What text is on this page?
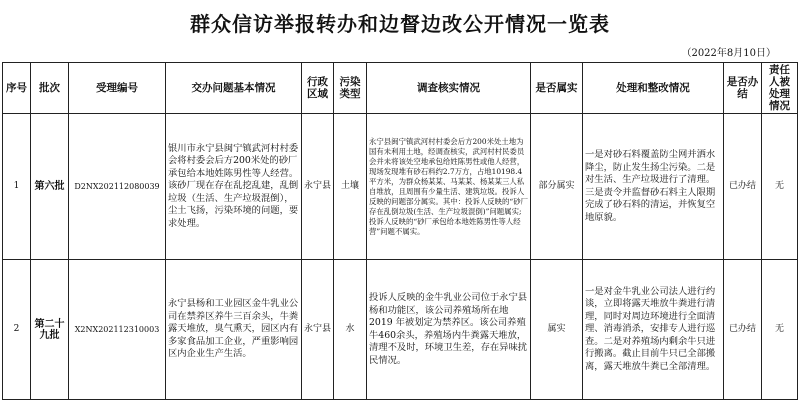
群众信访举报转办和边督边改公开情况一览表
（2022年8月10日）
序号	批次	受理编号	交办问题基本情况	行政区域	污染类型	调查核实情况	是否属实	处理和整改情况	是否办结	责任人被处理情况
1	第六批	D2NX202112080039	银川市永宁县闽宁镇武河村村委会将村委会后方200米处的砂厂承包给本地姓陈男性等人经营。该砂厂现在存在乱挖乱建，乱倒垃圾（生活、生产垃圾混倒），尘土飞扬，污染环境的问题，要求处理。	永宁县	土壤	永宁县闽宁镇武河村村委会后方200米处土地为国有未利用土地，经调查核实，武河村村民委员会并未将该处空地承包给姓陈男性或他人经营，现场发现堆有砂石料约2.7万方，占地10198.4平方米，为群众杨某某、马某某、杨某某三人私自堆放，且周围有少量生活、建筑垃圾。投诉人反映的问题部分属实。其中：投诉人反映的“砂厂存在乱倒垃圾(生活、生产垃圾混倒)”问题属实;投诉人反映的“砂厂承包给本地姓陈男性等人经营”问题不属实。	部分属实	一是对砂石料覆盖防尘网并洒水降尘，防止发生扬尘污染。二是对生活、生产垃圾进行了清理。三是责令并监督砂石料主人限期完成了砂石料的清运，并恢复空地原貌。	已办结	无
2	第二十九批	X2NX202112310003	永宁县杨和工业园区金牛乳业公司在禁养区养牛三百余头，牛粪露天堆放，臭气熏天，园区内有多家食品加工企业，严重影响园区内企业生产生活。	永宁县	水	投诉人反映的金牛乳业公司位于永宁县杨和功能区，该公司养殖场所在地 2019 年被划定为禁养区。该公司养殖牛460余头，养殖场内牛粪露天堆放，清理不及时，环境卫生差，存在异味扰民情况。	属实	一是对金牛乳业公司法人进行约谈，立即将露天堆放牛粪进行清理，同时对周边环境进行全面清理、消毒消杀，安排专人进行巡查。二是对养殖场内剩余牛只进行搬离。截止目前牛只已全部搬离，露天堆放牛粪已全部清理。	已办结	无
